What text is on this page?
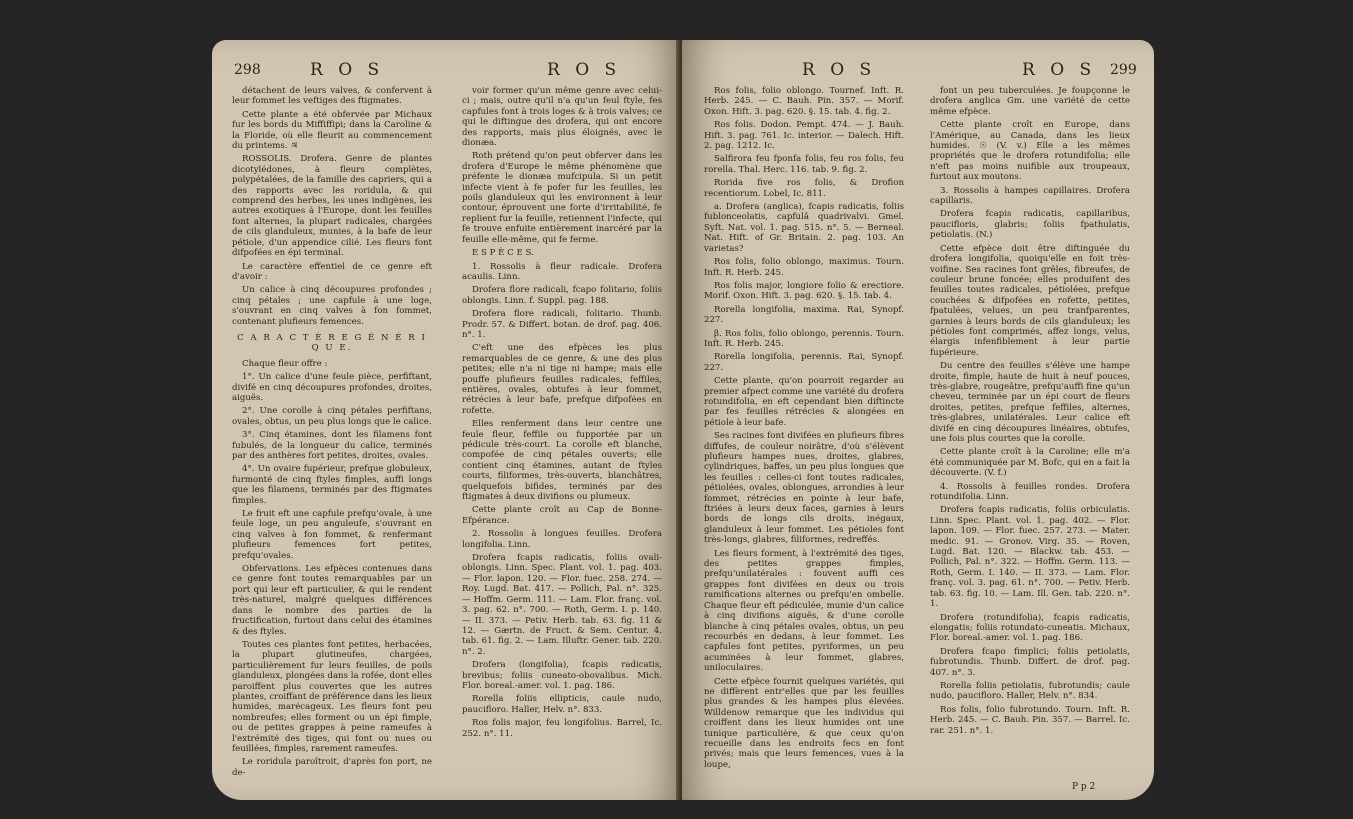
298	R O S	R O S

détachent de leurs valves, & confervent à leur fommet les veftiges des ftigmates.

Cette plante a été obfervée par Michaux fur les bords du Miffiffipi; dans la Caroline & la Floride, où elle fleurit au commencement du printems. ♃

ROSSOLIS. Drofera. Genre de plantes dicotylédones, à fleurs complètes, polypétalées, de la famille des capriers, qui a des rapports avec les roridula, & qui comprend des herbes, les unes indigènes, les autres exotiques à l'Europe, dont les feuilles font alternes, la plupart radicales, chargées de cils glanduleux, munies, à la bafe de leur pétiole, d'un appendice cilié. Les fleurs font difpofées en épi terminal.

Le caractère effentiel de ce genre eft d'avoir :

Un calice à cinq découpures profondes ; cinq pétales ; une capfule à une loge, s'ouvrant en cinq valves à fon fommet, contenant plufieurs femences.

C A R A C T È R E G É N É R I Q U E.

Chaque fleur offre :

1°. Un calice d'une feule pièce, perfiftant, divifé en cinq découpures profondes, droites, aiguës.

2°. Une corolle à cinq pétales perfiftans, ovales, obtus, un peu plus longs que le calice.

3°. Cinq étamines, dont les filamens font fubulés, de la longueur du calice, terminés par des anthères fort petites, droites, ovales.

4°. Un ovaire fupérieur, prefque globuleux, furmonté de cinq ftyles fimples, auffi longs que les filamens, terminés par des ftigmates fimples.

Le fruit eft une capfule prefqu'ovale, à une feule loge, un peu anguleufe, s'ouvrant en cinq valves à fon fommet, & renfermant plufieurs femences fort petites, prefqu'ovales.

Obfervations. Les efpèces contenues dans ce genre font toutes remarquables par un port qui leur eft particulier, & qui le rendent très-naturel, malgré quelques différences dans le nombre des parties de la fructification, furtout dans celui des étamines & des ftyles.

Toutes ces plantes font petites, herbacées, la plupart glutineufes, chargées, particulièrement fur leurs feuilles, de poils glanduleux, plongées dans la rofée, dont elles paroiffent plus couvertes que les autres plantes, croiffant de préférence dans les lieux humides, marécageux. Les fleurs font peu nombreufes; elles forment ou un épi fimple, ou de petites grappes à peine rameufes à l'extrémité des tiges, qui font ou nues ou feuillées, fimples, rarement rameufes.

Le roridula paroîtroit, d'après fon port, ne de-

voir former qu'un même genre avec celui-ci ; mais, outre qu'il n'a qu'un feul ftyle, fes capfules font à trois loges & à trois valves; ce qui le diftingue des drofera, qui ont encore des rapports, mais plus éloignés, avec le dionæa.

Roth prétend qu'on peut obferver dans les drofera d'Europe le même phénomène que préfente le dionæa mufcipula. Si un petit infecte vient à fe pofer fur les feuilles, les poils glanduleux qui les environnent à leur contour, éprouvent une forte d'irritabilité, fe replient fur la feuille, retiennent l'infecte, qui fe trouve enfuite entièrement inarcéré par la feuille elle-même, qui fe ferme.

E S P È C E S.

1. Rossolis à fleur radicale. Drofera acaulis. Linn.

Drofera flore radicali, fcapo folitario, foliis oblongis. Linn. f. Suppl. pag. 188.

Drofera flore radicali, folitario. Thunb. Prodr. 57. & Differt. botan. de drof. pag. 406. n°. 1.

C'eft une des efpèces les plus remarquables de ce genre, & une des plus petites; elle n'a ni tige ni hampe; mais elle pouffe plufieurs feuilles radicales, feffiles, entières, ovales, obtufes à leur fommet, rétrécies à leur bafe, prefque difpofées en rofette.

Elles renferment dans leur centre une feule fleur, feffile ou fupportée par un pédicule très-court. La corolle eft blanche, compofée de cinq pétales ouverts; elle contient cinq étamines, autant de ftyles courts, filiformes, très-ouverts, blanchâtres, quelquefois bifides, terminés par des ftigmates à deux divifions ou plumeux.

Cette plante croît au Cap de Bonne-Efpérance.

2. Rossolis à longues feuilles. Drofera longifolia. Linn.

Drofera fcapis radicatis, foliis ovali-oblongis. Linn. Spec. Plant. vol. 1. pag. 403. — Flor. lapon. 120. — Flor. fuec. 258. 274. — Roy. Lugd. Bat. 417. — Pollich, Pal. n°. 325. — Hoffm. Germ. 111. — Lam. Flor. franç. vol. 3. pag. 62. n°. 700. — Roth, Germ. I. p. 140. — II. 373. — Petiv. Herb. tab. 63. fig. 11 & 12. — Gærtn. de Fruct. & Sem. Centur. 4. tab. 61. fig. 2. — Lam. Illuftr. Gener. tab. 220. n°. 2.

Drofera (longifolia), fcapis radicatis, brevibus; foliis cuneato-obovalibus. Mich. Flor. boreal.-amer. vol. 1. pag. 186.

Rorella foliis ellipticis, caule nudo, paucifloro. Haller, Helv. n°. 833.

Ros folis major, feu longifolius. Barrel, Ic. 252. n°. 11.

R O S	R O S 299

Ros folis, folio oblongo. Tournef. Inft. R. Herb. 245. — C. Bauh. Pin. 357. — Morif. Oxon. Hift. 3. pag. 620. §. 15. tab. 4. fig. 2.

Ros folis. Dodon. Pempt. 474. — J. Bauh. Hift. 3. pag. 761. Ic. interior. — Dalech. Hift. 2. pag. 1212. Ic.

Salfirora feu fponfa folis, feu ros folis, feu rorella. Thal. Herc. 116. tab. 9. fig. 2.

Rorida five ros folis, & Drofion recentiorum. Lobel, Ic. 811.

a. Drofera (anglica), fcapis radicatis, foliis fublonceolatis, capfulâ quadrivalvi. Gmel. Syft. Nat. vol. 1. pag. 515. n°. 5. — Berneal. Nat. Hift. of Gr. Britain. 2. pag. 103. An varietas?

Ros folis, folio oblongo, maximus. Tourn. Inft. R. Herb. 245.

Ros folis major, longiore folio & erectiore. Morif. Oxon. Hift. 3. pag. 620. §. 15. tab. 4.

Rorella longifolia, maxima. Rai, Synopf. 227.

β. Ros folis, folio oblongo, perennis. Tourn. Inft. R. Herb. 245.

Rorella longifolia, perennis. Rai, Synopf. 227.

Cette plante, qu'on pourroit regarder au premier afpect comme une variété du drofera rotundifolia, en eft cependant bien diftincte par fes feuilles rétrécies & alongées en pétiole à leur bafe.

Ses racines font divifées en plufieurs fibres diffufes, de couleur noirâtre, d'où s'élèvent plufieurs hampes nues, droites, glabres, cylindriques, baffes, un peu plus longues que les feuilles : celles-ci font toutes radicales, pétiolées, ovales, oblongues, arrondies à leur fommet, rétrécies en pointe à leur bafe, ftriées à leurs deux faces, garnies à leurs bords de longs cils droits, inégaux, glanduleux à leur fommet. Les pétioles font très-longs, glabres, filiformes, redreffés.

Les fleurs forment, à l'extrémité des tiges, des petites grappes fimples, prefqu'unilatérales : fouvent auffi ces grappes font divifées en deux ou trois ramifications alternes ou prefqu'en ombelle. Chaque fleur eft pédiculée, munie d'un calice à cinq divifions aiguës, & d'une corolle blanche à cinq pétales ovales, obtus, un peu recourbés en dedans, à leur fommet. Les capfules font petites, pyriformes, un peu acuminées à leur fommet, glabres, uniloculaires.

Cette efpèce fournit quelques variétés, qui ne diffèrent entr'elles que par les feuilles plus grandes & les hampes plus élevées. Willdenow remarque que les individus qui croiffent dans les lieux humides ont une tunique particulière, & que ceux qu'on recueille dans les endroits fecs en font privés; mais que leurs femences, vues à la loupe,

font un peu tuberculées. Je foupçonne le drofera anglica Gm. une variété de cette même efpèce.

Cette plante croît en Europe, dans l'Amérique, au Canada, dans les lieux humides. ☉ (V. v.) Elle a les mêmes propriétés que le drofera rotundifolia; elle n'eft pas moins nuifible aux troupeaux, furtout aux moutons.

3. Rossolis à hampes capillaires. Drofera capillaris.

Drofera fcapis radicatis, capillaribus, paucifloris, glabris; foliis fpathulatis, petiolatis. (N.)

Cette efpèce doit être diftinguée du drofera longifolia, quoiqu'elle en foit très-voifine. Ses racines font grêles, fibreufes, de couleur brune foncée; elles produifent des feuilles toutes radicales, pétiolées, prefque couchées & difpofées en rofette, petites, fpatulées, velues, un peu tranfparentes, garnies à leurs bords de cils glanduleux; les pétioles font comprimés, affez longs, velus, élargis infenfiblement à leur partie fupérieure.

Du centre des feuilles s'élève une hampe droite, fimple, haute de huit à neuf pouces, très-glabre, rougeâtre, prefqu'auffi fine qu'un cheveu, terminée par un épi court de fleurs droites, petites, prefque feffiles, alternes, très-glabres, unilatérales. Leur calice eft divifé en cinq découpures linéaires, obtufes, une fois plus courtes que la corolle.

Cette plante croît à la Caroline; elle m'a été communiquée par M. Bofc, qui en a fait la découverte. (V. f.)

4. Rossolis à feuilles rondes. Drofera rotundifolia. Linn.

Drofera fcapis radicatis, foliis orbiculatis. Linn. Spec. Plant. vol. 1. pag. 402. — Flor. lapon. 109. — Flor. fuec. 257. 273. — Mater. medic. 91. — Gronov. Virg. 35. — Roven, Lugd. Bat. 120. — Blackw. tab. 453. — Pollich, Pal. n°. 322. — Hoffm. Germ. 113. — Roth, Germ. I. 140. — II. 373. — Lam. Flor. franç. vol. 3. pag. 61. n°. 700. — Petiv. Herb. tab. 63. fig. 10. — Lam. Ill. Gen. tab. 220. n°. 1.

Drofera (rotundifolia), fcapis radicatis, elongatis; foliis rotundato-cuneatis. Michaux, Flor. boreal.-amer. vol. 1. pag. 186.

Drofera fcapo fimplici; foliis petiolatis, fubrotundis. Thunb. Differt. de drof. pag. 407. n°. 3.

Rorella foliis petiolatis, fubrotundis; caule nudo, paucifloro. Haller, Helv. n°. 834.

Ros folis, folio fubrotundo. Tourn. Inft. R. Herb. 245. — C. Bauh. Pin. 357. — Barrel. Ic. rar. 251. n°. 1.

P p 2
